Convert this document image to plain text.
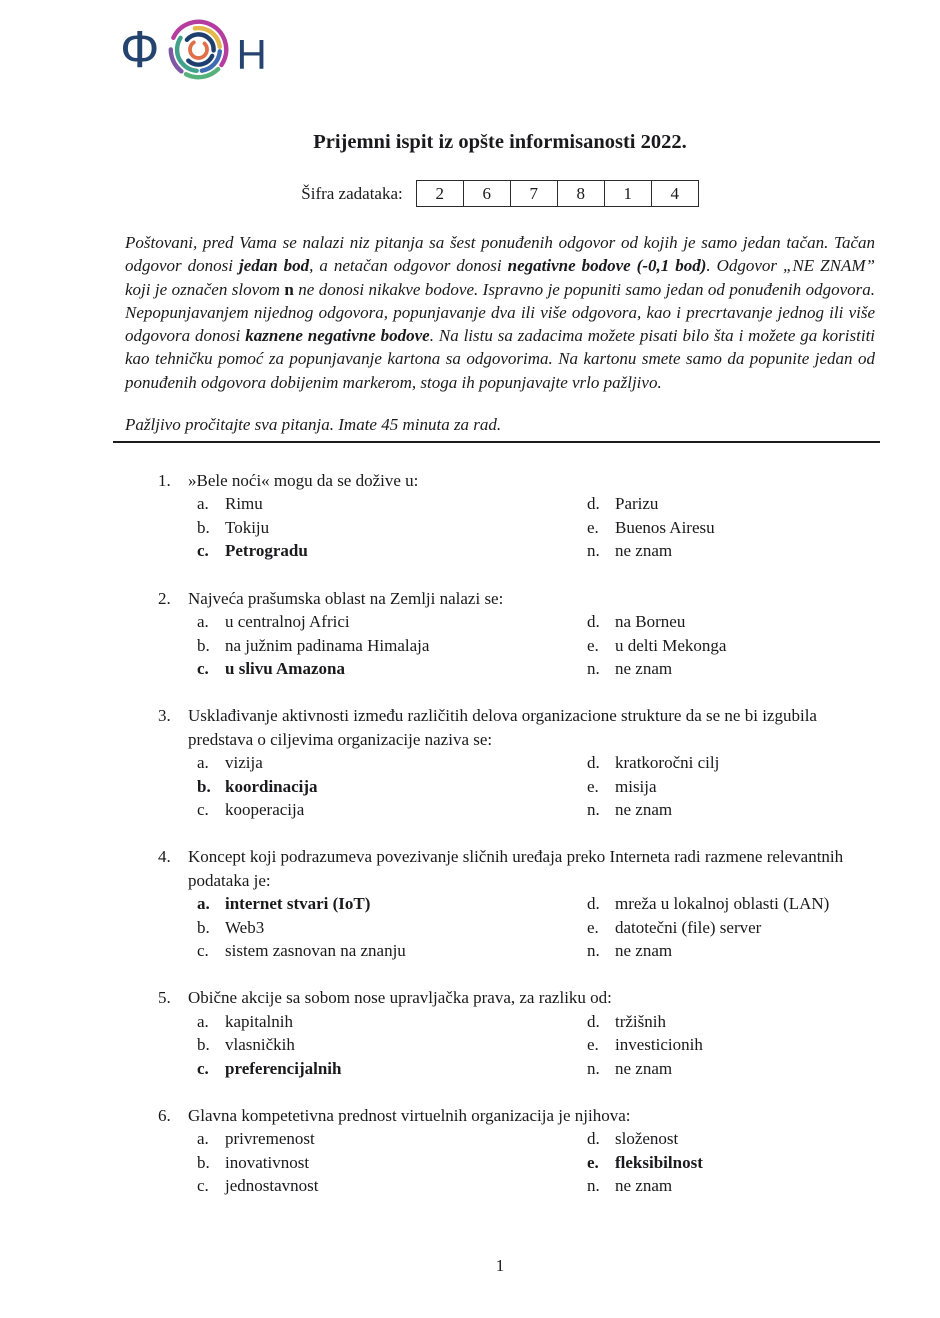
Ф Н
Prijemni ispit iz opšte informisanosti 2022.
Šifra zadataka:	2	6	7	8	1	4

Poštovani, pred Vama se nalazi niz pitanja sa šest ponuđenih odgovor od kojih je samo jedan tačan. Tačan odgovor donosi jedan bod, a netačan odgovor donosi negativne bodove (-0,1 bod). Odgovor „NE ZNAM” koji je označen slovom n ne donosi nikakve bodove. Ispravno je popuniti samo jedan od ponuđenih odgovora. Nepopunjavanjem nijednog odgovora, popunjavanje dva ili više odgovora, kao i precrtavanje jednog ili više odgovora donosi kaznene negativne bodove. Na listu sa zadacima možete pisati bilo šta i možete ga koristiti kao tehničku pomoć za popunjavanje kartona sa odgovorima. Na kartonu smete samo da popunite jedan od ponuđenih odgovora dobijenim markerom, stoga ih popunjavajte vrlo pažljivo.

Pažljivo pročitajte sva pitanja. Imate 45 minuta za rad.

1.	»Bele noći« mogu da se dožive u:
a. Rimu
b. Tokiju
c. Petrogradu
d. Parizu
e. Buenos Airesu
n. ne znam
2.	Najveća prašumska oblast na Zemlji nalazi se:
a. u centralnoj Africi
b. na južnim padinama Himalaja
c. u slivu Amazona
d. na Borneu
e. u delti Mekonga
n. ne znam
3.	Usklađivanje aktivnosti između različitih delova organizacione strukture da se ne bi izgubila predstava o ciljevima organizacije naziva se:
a. vizija
b. koordinacija
c. kooperacija
d. kratkoročni cilj
e. misija
n. ne znam
4.	Koncept koji podrazumeva povezivanje sličnih uređaja preko Interneta radi razmene relevantnih podataka je:
a. internet stvari (IoT)
b. Web3
c. sistem zasnovan na znanju
d. mreža u lokalnoj oblasti (LAN)
e. datotečni (file) server
n. ne znam
5.	Obične akcije sa sobom nose upravljačka prava, za razliku od:
a. kapitalnih
b. vlasničkih
c. preferencijalnih
d. tržišnih
e. investicionih
n. ne znam
6.	Glavna kompetetivna prednost virtuelnih organizacija je njihova:
a. privremenost
b. inovativnost
c. jednostavnost
d. složenost
e. fleksibilnost
n. ne znam
1
